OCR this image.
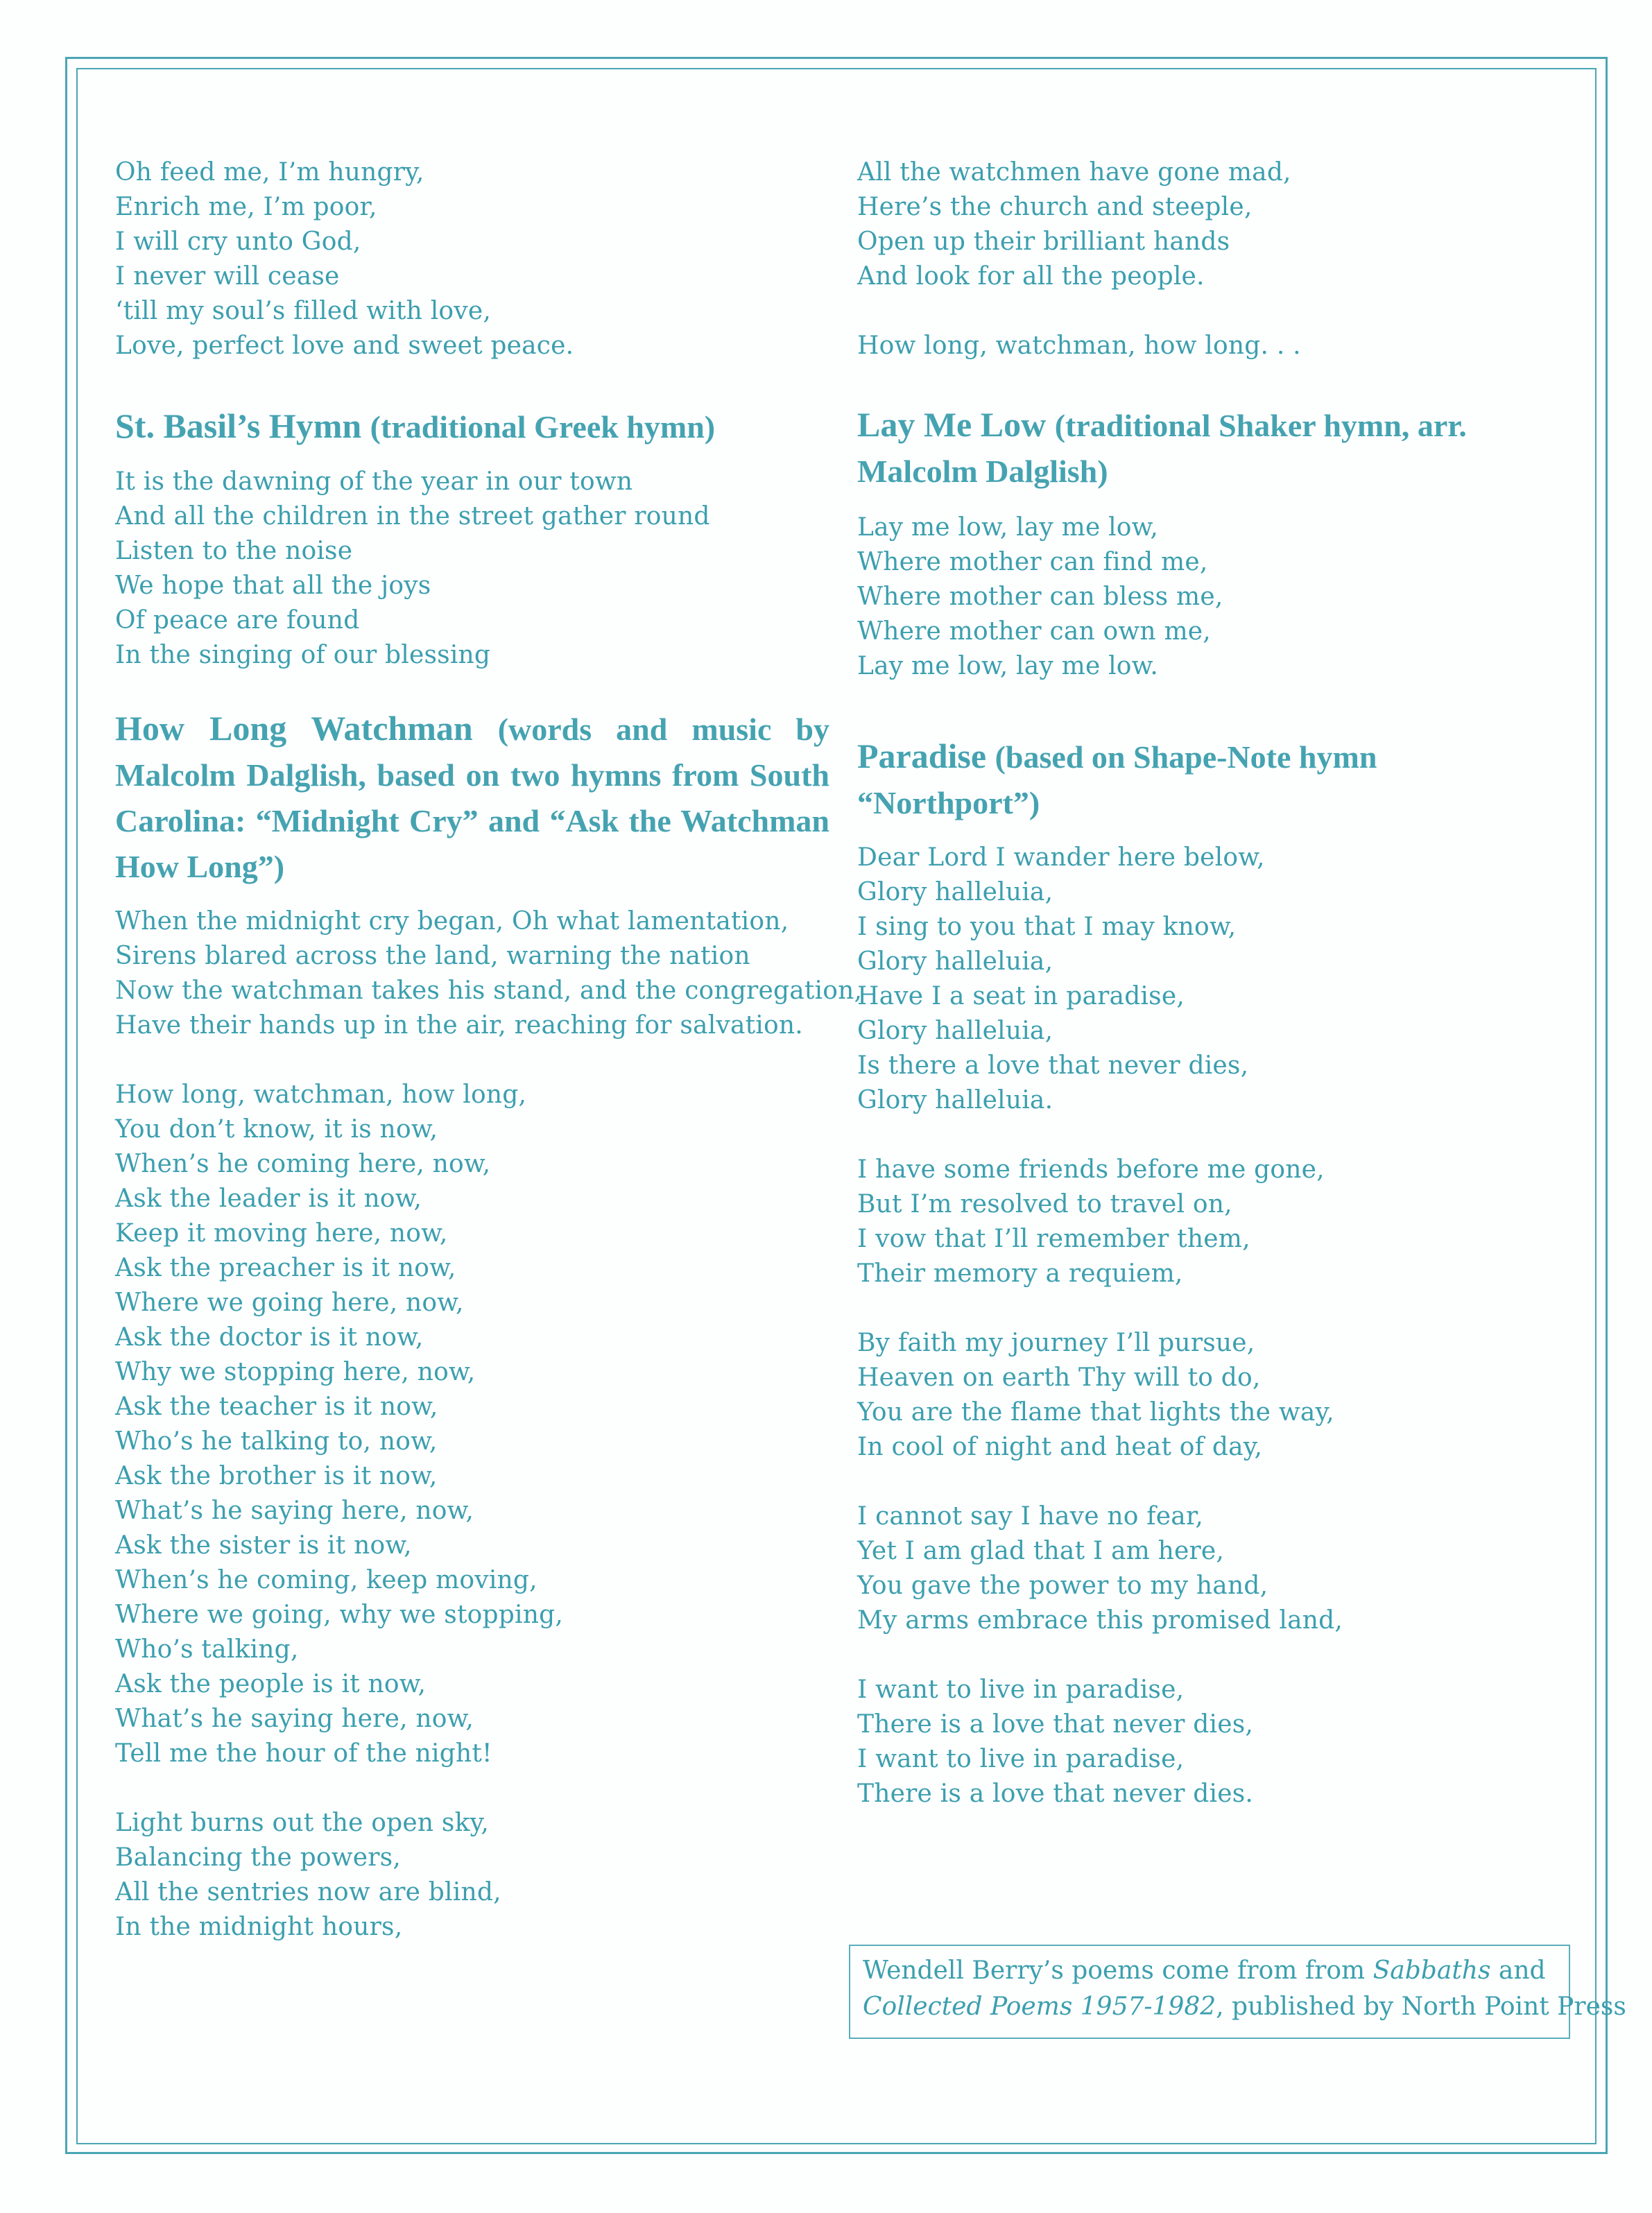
Oh feed me, I’m hungry,
Enrich me, I’m poor,
I will cry unto God,
I never will cease
‘till my soul’s filled with love,
Love, perfect love and sweet peace.
St. Basil’s Hymn (traditional Greek hymn)
It is the dawning of the year in our town
And all the children in the street gather round
Listen to the noise
We hope that all the joys
Of peace are found
In the singing of our blessing
How Long Watchman (words and music by Malcolm Dalglish, based on two hymns from South Carolina: “Midnight Cry” and “Ask the Watchman How Long”)
When the midnight cry began, Oh what lamentation,
Sirens blared across the land, warning the nation
Now the watchman takes his stand, and the congregation,
Have their hands up in the air, reaching for salvation.
How long, watchman, how long,
You don’t know, it is now,
When’s he coming here, now,
Ask the leader is it now,
Keep it moving here, now,
Ask the preacher is it now,
Where we going here, now,
Ask the doctor is it now,
Why we stopping here, now,
Ask the teacher is it now,
Who’s he talking to, now,
Ask the brother is it now,
What’s he saying here, now,
Ask the sister is it now,
When’s he coming, keep moving,
Where we going, why we stopping,
Who’s talking,
Ask the people is it now,
What’s he saying here, now,
Tell me the hour of the night!
Light burns out the open sky,
Balancing the powers,
All the sentries now are blind,
In the midnight hours,
All the watchmen have gone mad,
Here’s the church and steeple,
Open up their brilliant hands
And look for all the people.
How long, watchman, how long. . .
Lay Me Low (traditional Shaker hymn, arr.
Malcolm Dalglish)
Lay me low, lay me low,
Where mother can find me,
Where mother can bless me,
Where mother can own me,
Lay me low, lay me low.
Paradise (based on Shape-Note hymn
“Northport”)
Dear Lord I wander here below,
Glory halleluia,
I sing to you that I may know,
Glory halleluia,
Have I a seat in paradise,
Glory halleluia,
Is there a love that never dies,
Glory halleluia.
I have some friends before me gone,
But I’m resolved to travel on,
I vow that I’ll remember them,
Their memory a requiem,
By faith my journey I’ll pursue,
Heaven on earth Thy will to do,
You are the flame that lights the way,
In cool of night and heat of day,
I cannot say I have no fear,
Yet I am glad that I am here,
You gave the power to my hand,
My arms embrace this promised land,
I want to live in paradise,
There is a love that never dies,
I want to live in paradise,
There is a love that never dies.
Wendell Berry’s poems come from from Sabbaths and
Collected Poems 1957-1982, published by North Point Press
